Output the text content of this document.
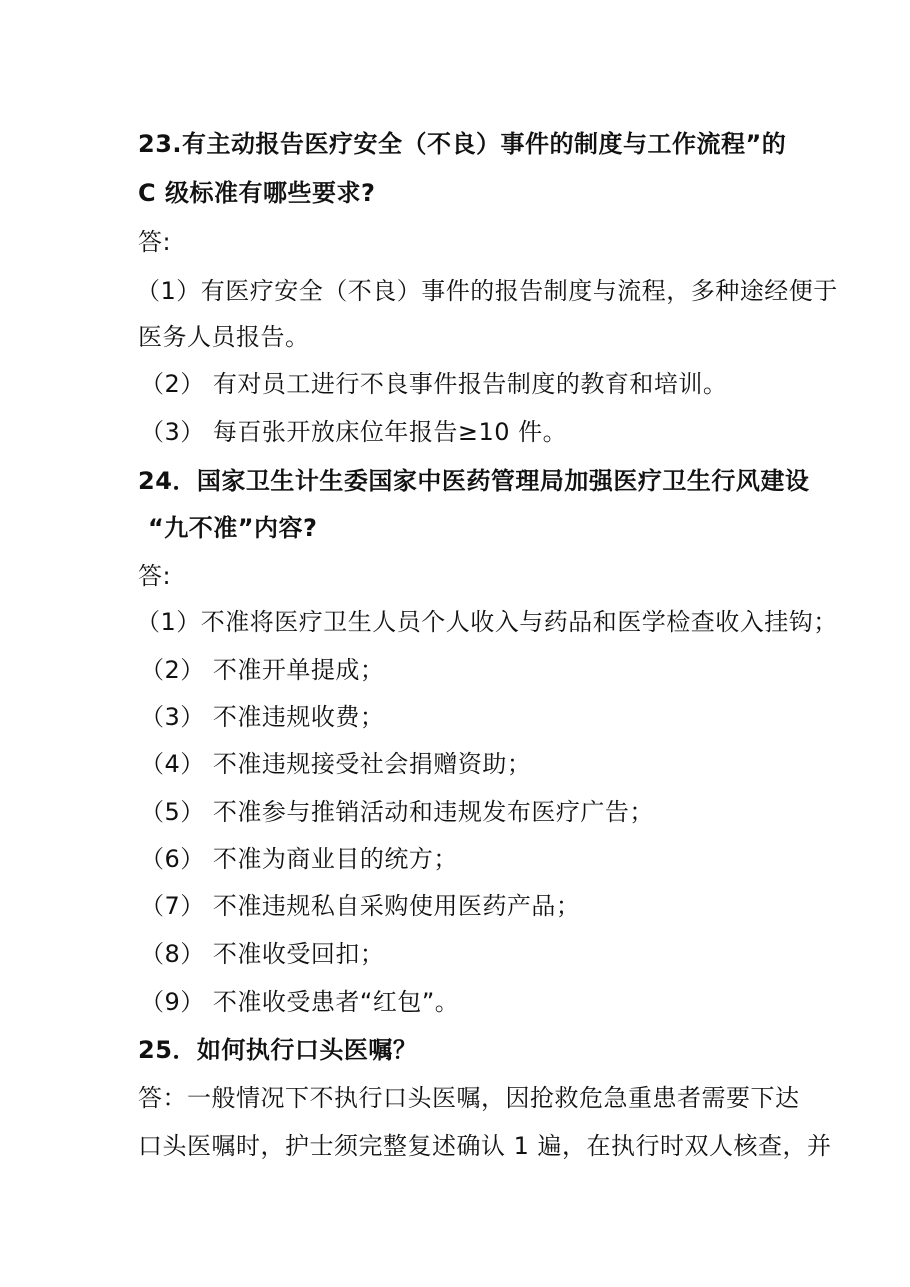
23.有主动报告医疗安全（不良）事件的制度与工作流程”的
C 级标准有哪些要求?
答:
（1）有医疗安全（不良）事件的报告制度与流程，多种途经便于
医务人员报告。
（2） 有对员工进行不良事件报告制度的教育和培训。
（3） 每百张开放床位年报告≥10 件。
24．国家卫生计生委国家中医药管理局加强医疗卫生行风建设
“九不准”内容?
答:
（1）不准将医疗卫生人员个人收入与药品和医学检查收入挂钩；
（2） 不准开单提成；
（3） 不准违规收费；
（4） 不准违规接受社会捐赠资助；
（5） 不准参与推销活动和违规发布医疗广告；
（6） 不准为商业目的统方；
（7） 不准违规私自采购使用医药产品；
（8） 不准收受回扣；
（9） 不准收受患者“红包”。
25．如何执行口头医嘱？
答：一般情况下不执行口头医嘱，因抢救危急重患者需要下达
口头医嘱时，护士须完整复述确认 1 遍，在执行时双人核查，并
